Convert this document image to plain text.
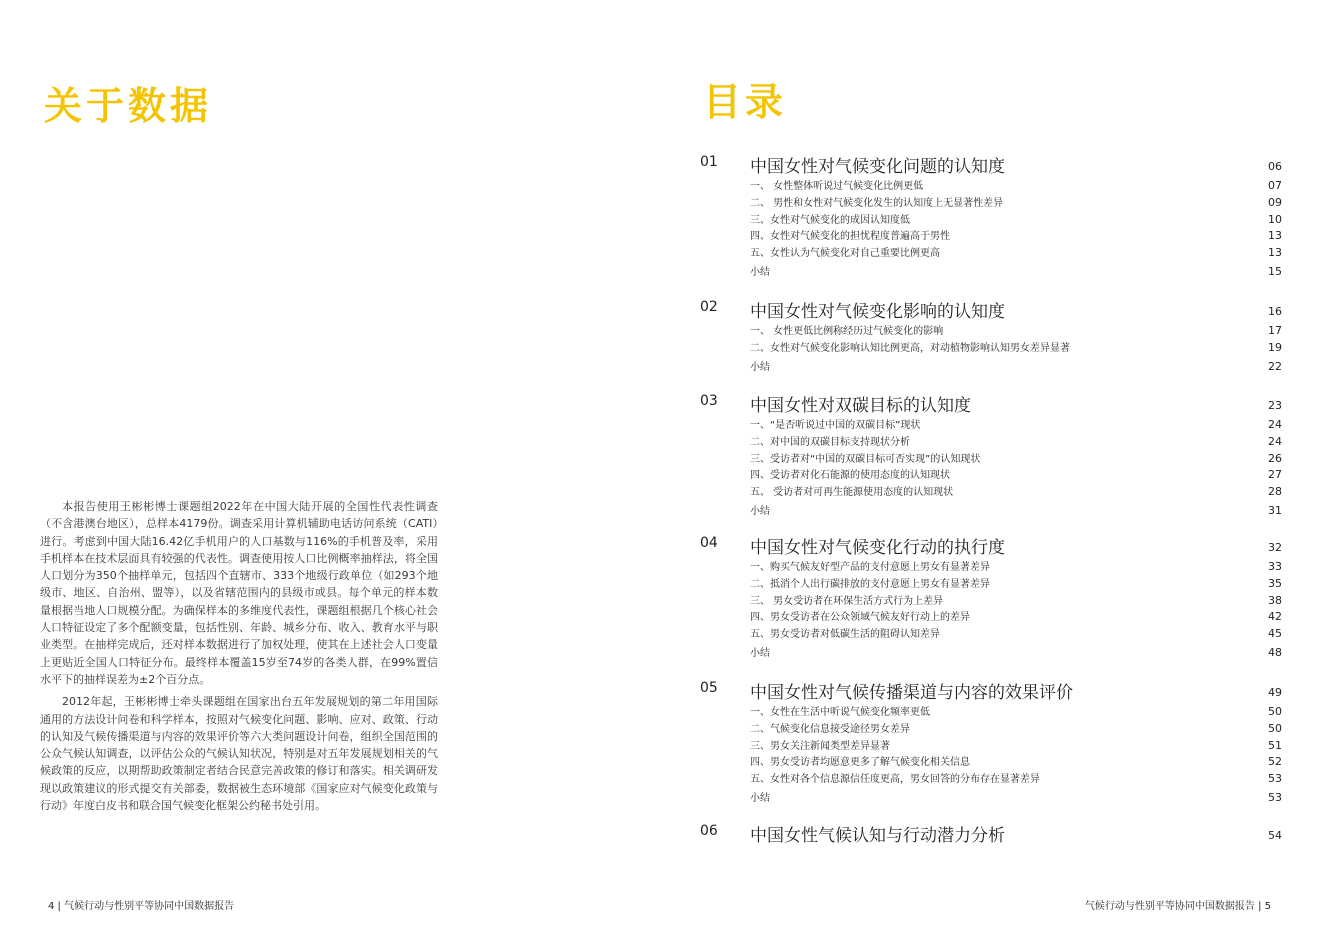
关于数据

本报告使用王彬彬博士课题组2022年在中国大陆开展的全国性代表性调查（不含港澳台地区），总样本4179份。调查采用计算机辅助电话访问系统（CATI）进行。考虑到中国大陆16.42亿手机用户的人口基数与116%的手机普及率，采用手机样本在技术层面具有较强的代表性。调查使用按人口比例概率抽样法，将全国人口划分为350个抽样单元，包括四个直辖市、333个地级行政单位（如293个地级市、地区、自治州、盟等），以及省辖范围内的县级市或县。每个单元的样本数量根据当地人口规模分配。为确保样本的多维度代表性，课题组根据几个核心社会人口特征设定了多个配额变量，包括性别、年龄、城乡分布、收入、教育水平与职业类型。在抽样完成后，还对样本数据进行了加权处理，使其在上述社会人口变量上更贴近全国人口特征分布。最终样本覆盖15岁至74岁的各类人群，在99%置信水平下的抽样误差为±2个百分点。

2012年起，王彬彬博士牵头课题组在国家出台五年发展规划的第二年用国际通用的方法设计问卷和科学样本，按照对气候变化问题、影响、应对、政策、行动的认知及气候传播渠道与内容的效果评价等六大类问题设计问卷，组织全国范围的公众气候认知调查，以评估公众的气候认知状况，特别是对五年发展规划相关的气候政策的反应，以期帮助政策制定者结合民意完善政策的修订和落实。相关调研发现以政策建议的形式提交有关部委，数据被生态环境部《国家应对气候变化政策与行动》年度白皮书和联合国气候变化框架公约秘书处引用。

4 | 气候行动与性别平等协同中国数据报告
目录
01 中国女性对气候变化问题的认知度	06
一、 女性整体听说过气候变化比例更低	07
二、 男性和女性对气候变化发生的认知度上无显著性差异	09
三、女性对气候变化的成因认知度低	10
四、女性对气候变化的担忧程度普遍高于男性	13
五、女性认为气候变化对自己重要比例更高	13
小结	15
02 中国女性对气候变化影响的认知度	16
一、 女性更低比例称经历过气候变化的影响	17
二、女性对气候变化影响认知比例更高，对动植物影响认知男女差异显著	19
小结	22
03 中国女性对双碳目标的认知度	23
一、“是否听说过中国的双碳目标”现状	24
二、对中国的双碳目标支持现状分析	24
三、受访者对“中国的双碳目标可否实现”的认知现状	26
四、受访者对化石能源的使用态度的认知现状	27
五、 受访者对可再生能源使用态度的认知现状	28
小结	31
04 中国女性对气候变化行动的执行度	32
一、购买气候友好型产品的支付意愿上男女有显著差异	33
二、抵消个人出行碳排放的支付意愿上男女有显著差异	35
三、 男女受访者在环保生活方式行为上差异	38
四、男女受访者在公众领域气候友好行动上的差异	42
五、男女受访者对低碳生活的阻碍认知差异	45
小结	48
05 中国女性对气候传播渠道与内容的效果评价	49
一、女性在生活中听说气候变化频率更低	50
二、气候变化信息接受途径男女差异	50
三、男女关注新闻类型差异显著	51
四、男女受访者均愿意更多了解气候变化相关信息	52
五、女性对各个信息源信任度更高，男女回答的分布存在显著差异	53
小结	53
06 中国女性气候认知与行动潜力分析	54
气候行动与性别平等协同中国数据报告 | 5
